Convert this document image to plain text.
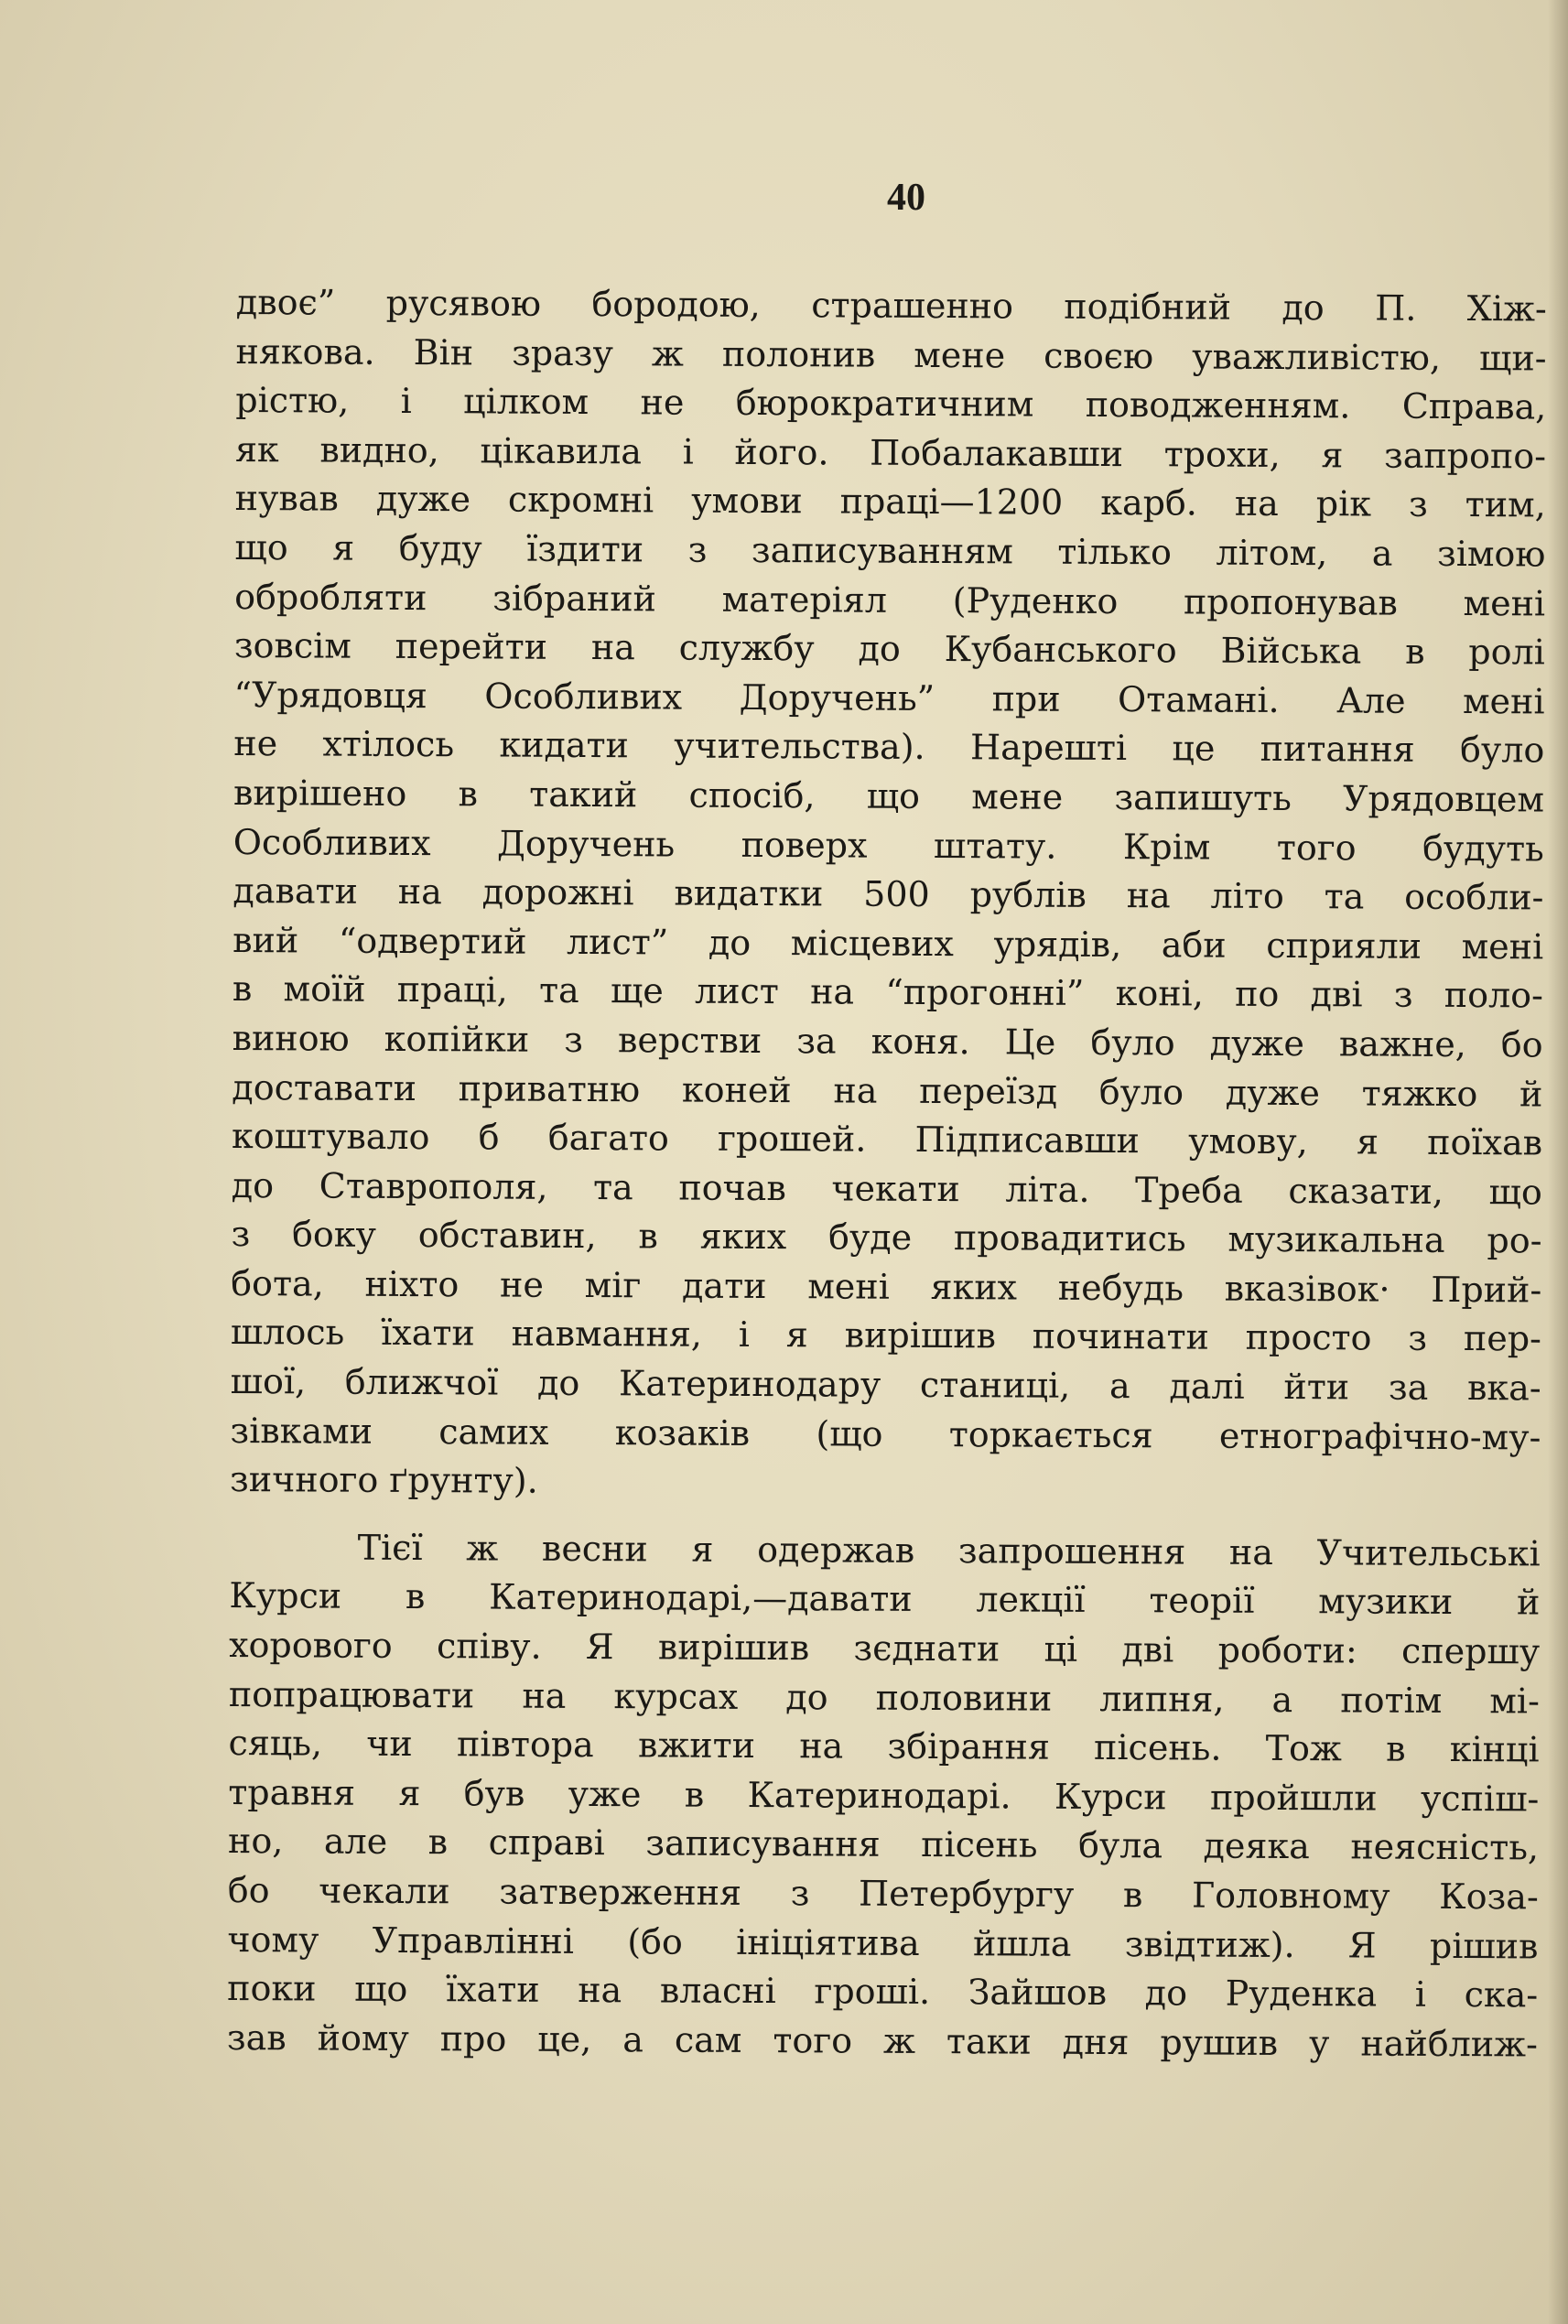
40
двоє” русявою бородою, страшенно подібний до П. Хіж-
някова. Він зразу ж полонив мене своєю уважливістю, щи-
рістю, і цілком не бюрократичним поводженням. Справа,
як видно, цікавила і його. Побалакавши трохи, я запропо-
нував дуже скромні умови праці—1200 карб. на рік з тим,
що я буду їздити з записуванням тілько літом, а зімою
обробляти зібраний матеріял (Руденко пропонував мені
зовсім перейти на службу до Кубанського Війська в ролі
“Урядовця Особливих Доручень” при Отамані. Але мені
не хтілось кидати учительства). Нарешті це питання було
вирішено в такий спосіб, що мене запишуть Урядовцем
Особливих Доручень поверх штату. Крім того будуть
давати на дорожні видатки 500 рублів на літо та особли-
вий “одвертий лист” до місцевих урядів, аби сприяли мені
в моїй праці, та ще лист на “прогонні” коні, по дві з поло-
виною копійки з верстви за коня. Це було дуже важне, бо
доставати приватню коней на переїзд було дуже тяжко й
коштувало б багато грошей. Підписавши умову, я поїхав
до Ставрополя, та почав чекати літа. Треба сказати, що
з боку обставин, в яких буде провадитись музикальна ро-
бота, ніхто не міг дати мені яких небудь вказівок· Прий-
шлось їхати навмання, і я вирішив починати просто з пер-
шої, ближчої до Катеринодару станиці, а далі йти за вка-
зівками самих козаків (що торкається етнографічно-му-
зичного ґрунту).
Тієї ж весни я одержав запрошення на Учительські
Курси в Катеринодарі,—давати лекції теорії музики й
хорового співу. Я вирішив зєднати ці дві роботи: спершу
попрацювати на курсах до половини липня, а потім мі-
сяць, чи півтора вжити на збірання пісень. Тож в кінці
травня я був уже в Катеринодарі. Курси пройшли успіш-
но, але в справі записування пісень була деяка неясність,
бо чекали затверження з Петербургу в Головному Коза-
чому Управлінні (бо ініціятива йшла звідтиж). Я рішив
поки що їхати на власні гроші. Зайшов до Руденка і ска-
зав йому про це, а сам того ж таки дня рушив у найближ-
